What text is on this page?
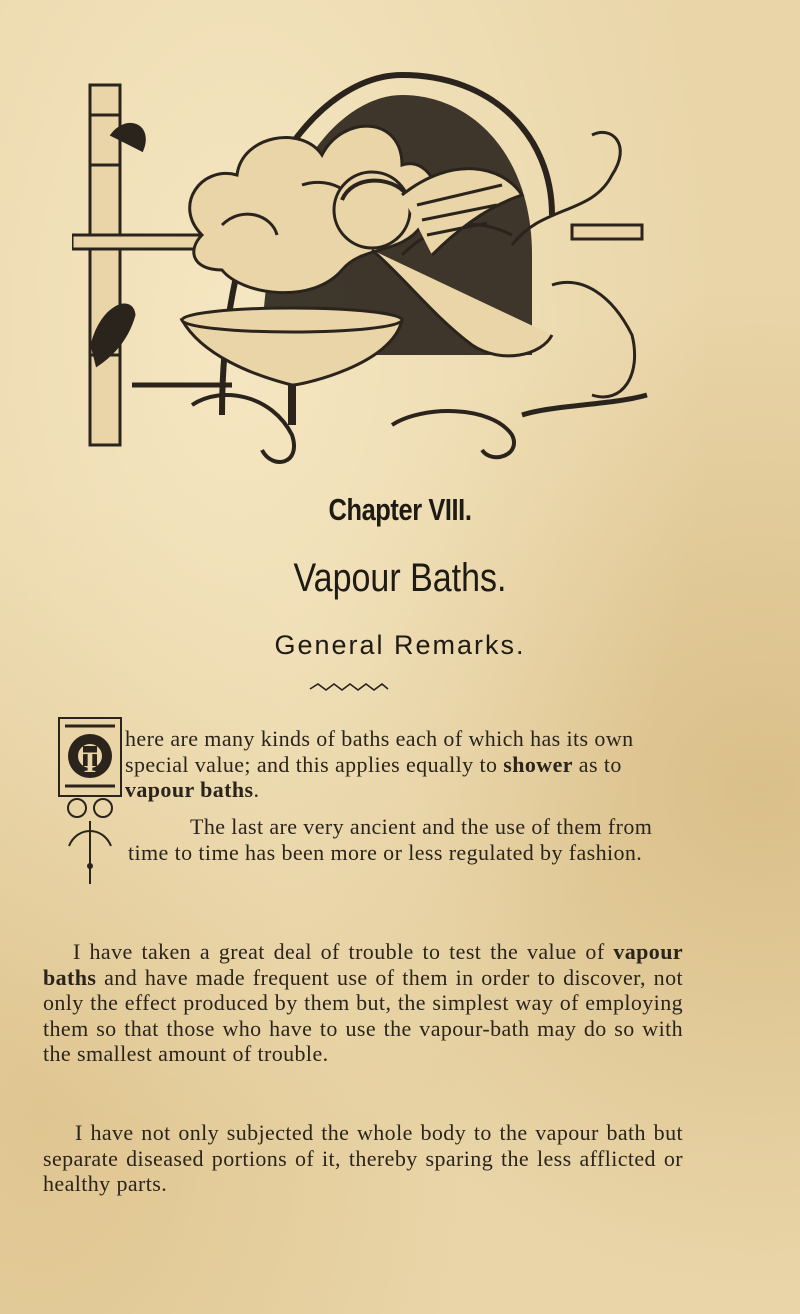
Chapter VIII.
Vapour Baths.
General Remarks.
T
here are many kinds of baths each of which has its own special value; and this applies equally to shower as to vapour baths.
The last are very ancient and the use of them from time to time has been more or less regulated by fashion.
I have taken a great deal of trouble to test the value of vapour baths and have made frequent use of them in order to discover, not only the effect produced by them but, the simplest way of employing them so that those who have to use the vapour-bath may do so with the smallest amount of trouble.
I have not only subjected the whole body to the vapour bath but separate diseased portions of it, thereby sparing the less afflicted or healthy parts.
